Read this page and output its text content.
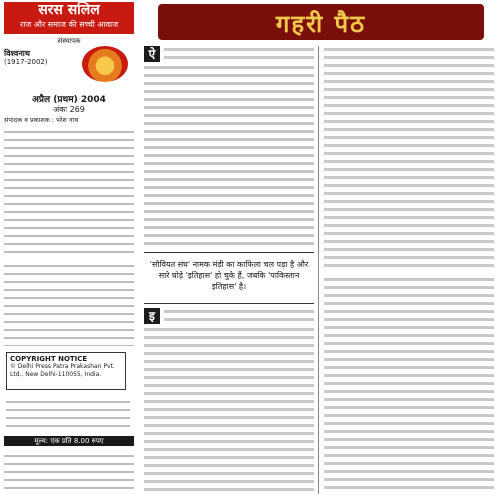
सरस सलिल
राज और समाज की सच्ची आवाज
संस्थापक
विश्वनाथ
(1917-2002)
अप्रैल (प्रथम) 2004
अंकः 269
संपादक व प्रकाशक : परेश नाथ
COPYRIGHT NOTICE
© Delhi Press Patra Prakashan Pvt. Ltd., New Delhi-110055, India.
मूल्य: एक प्रति 8.00 रुपए
गहरी पैठ
ऐ
'सोवियत संघ' नामक मंडी का काफिला चल पड़ा है और सारे घोड़े 'इतिहास' हो चुके हैं, जबकि 'पाकिस्तान इतिहास' है।
इ
